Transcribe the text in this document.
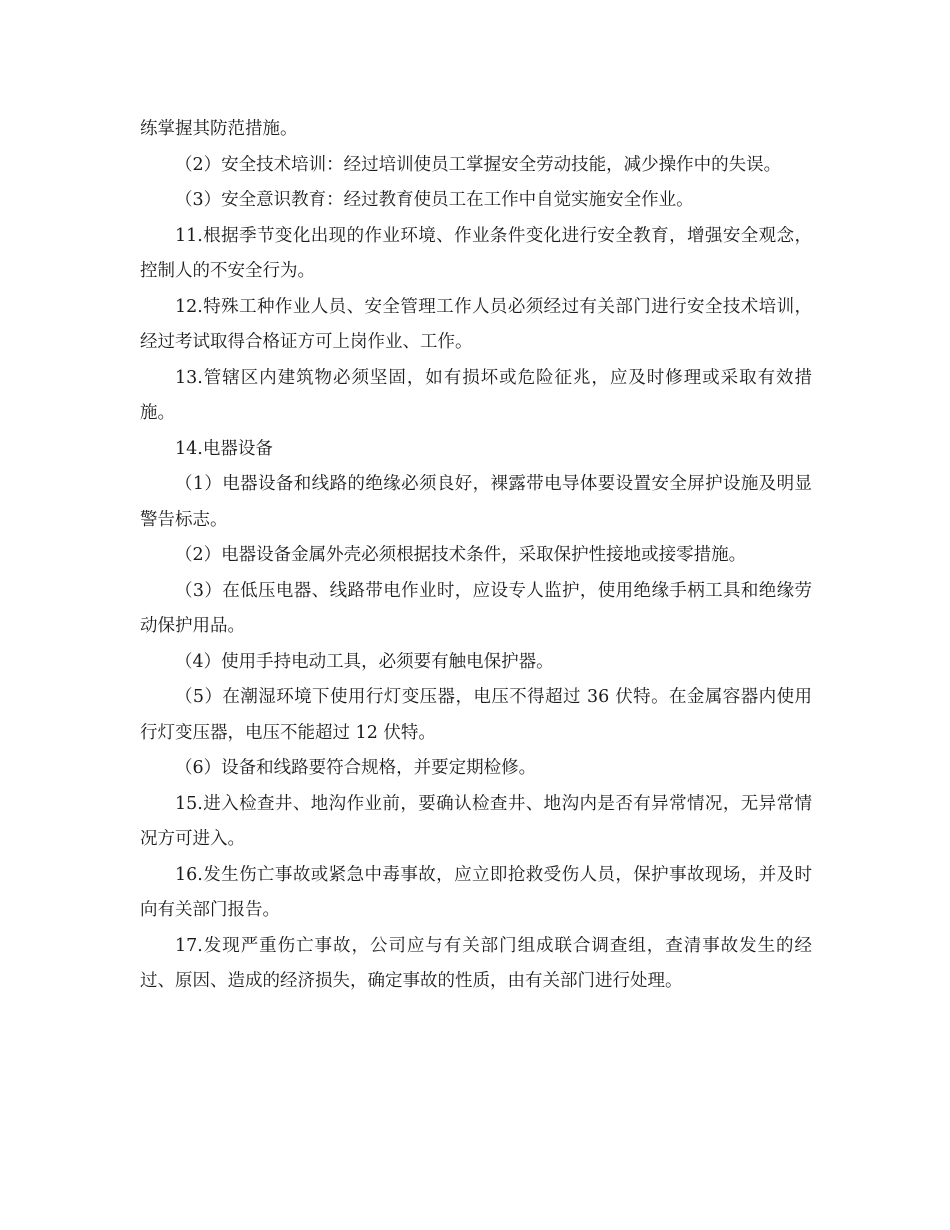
练掌握其防范措施。

（2）安全技术培训：经过培训使员工掌握安全劳动技能，减少操作中的失误。

（3）安全意识教育：经过教育使员工在工作中自觉实施安全作业。

11.根据季节变化出现的作业环境、作业条件变化进行安全教育，增强安全观念，控制人的不安全行为。

12.特殊工种作业人员、安全管理工作人员必须经过有关部门进行安全技术培训，经过考试取得合格证方可上岗作业、工作。

13.管辖区内建筑物必须坚固，如有损坏或危险征兆，应及时修理或采取有效措施。

14.电器设备

（1）电器设备和线路的绝缘必须良好，裸露带电导体要设置安全屏护设施及明显警告标志。

（2）电器设备金属外壳必须根据技术条件，采取保护性接地或接零措施。

（3）在低压电器、线路带电作业时，应设专人监护，使用绝缘手柄工具和绝缘劳动保护用品。

（4）使用手持电动工具，必须要有触电保护器。

（5）在潮湿环境下使用行灯变压器，电压不得超过 36 伏特。在金属容器内使用行灯变压器，电压不能超过 12 伏特。

（6）设备和线路要符合规格，并要定期检修。

15.进入检查井、地沟作业前，要确认检查井、地沟内是否有异常情况，无异常情况方可进入。

16.发生伤亡事故或紧急中毒事故，应立即抢救受伤人员，保护事故现场，并及时向有关部门报告。

17.发现严重伤亡事故，公司应与有关部门组成联合调查组，查清事故发生的经过、原因、造成的经济损失，确定事故的性质，由有关部门进行处理。
